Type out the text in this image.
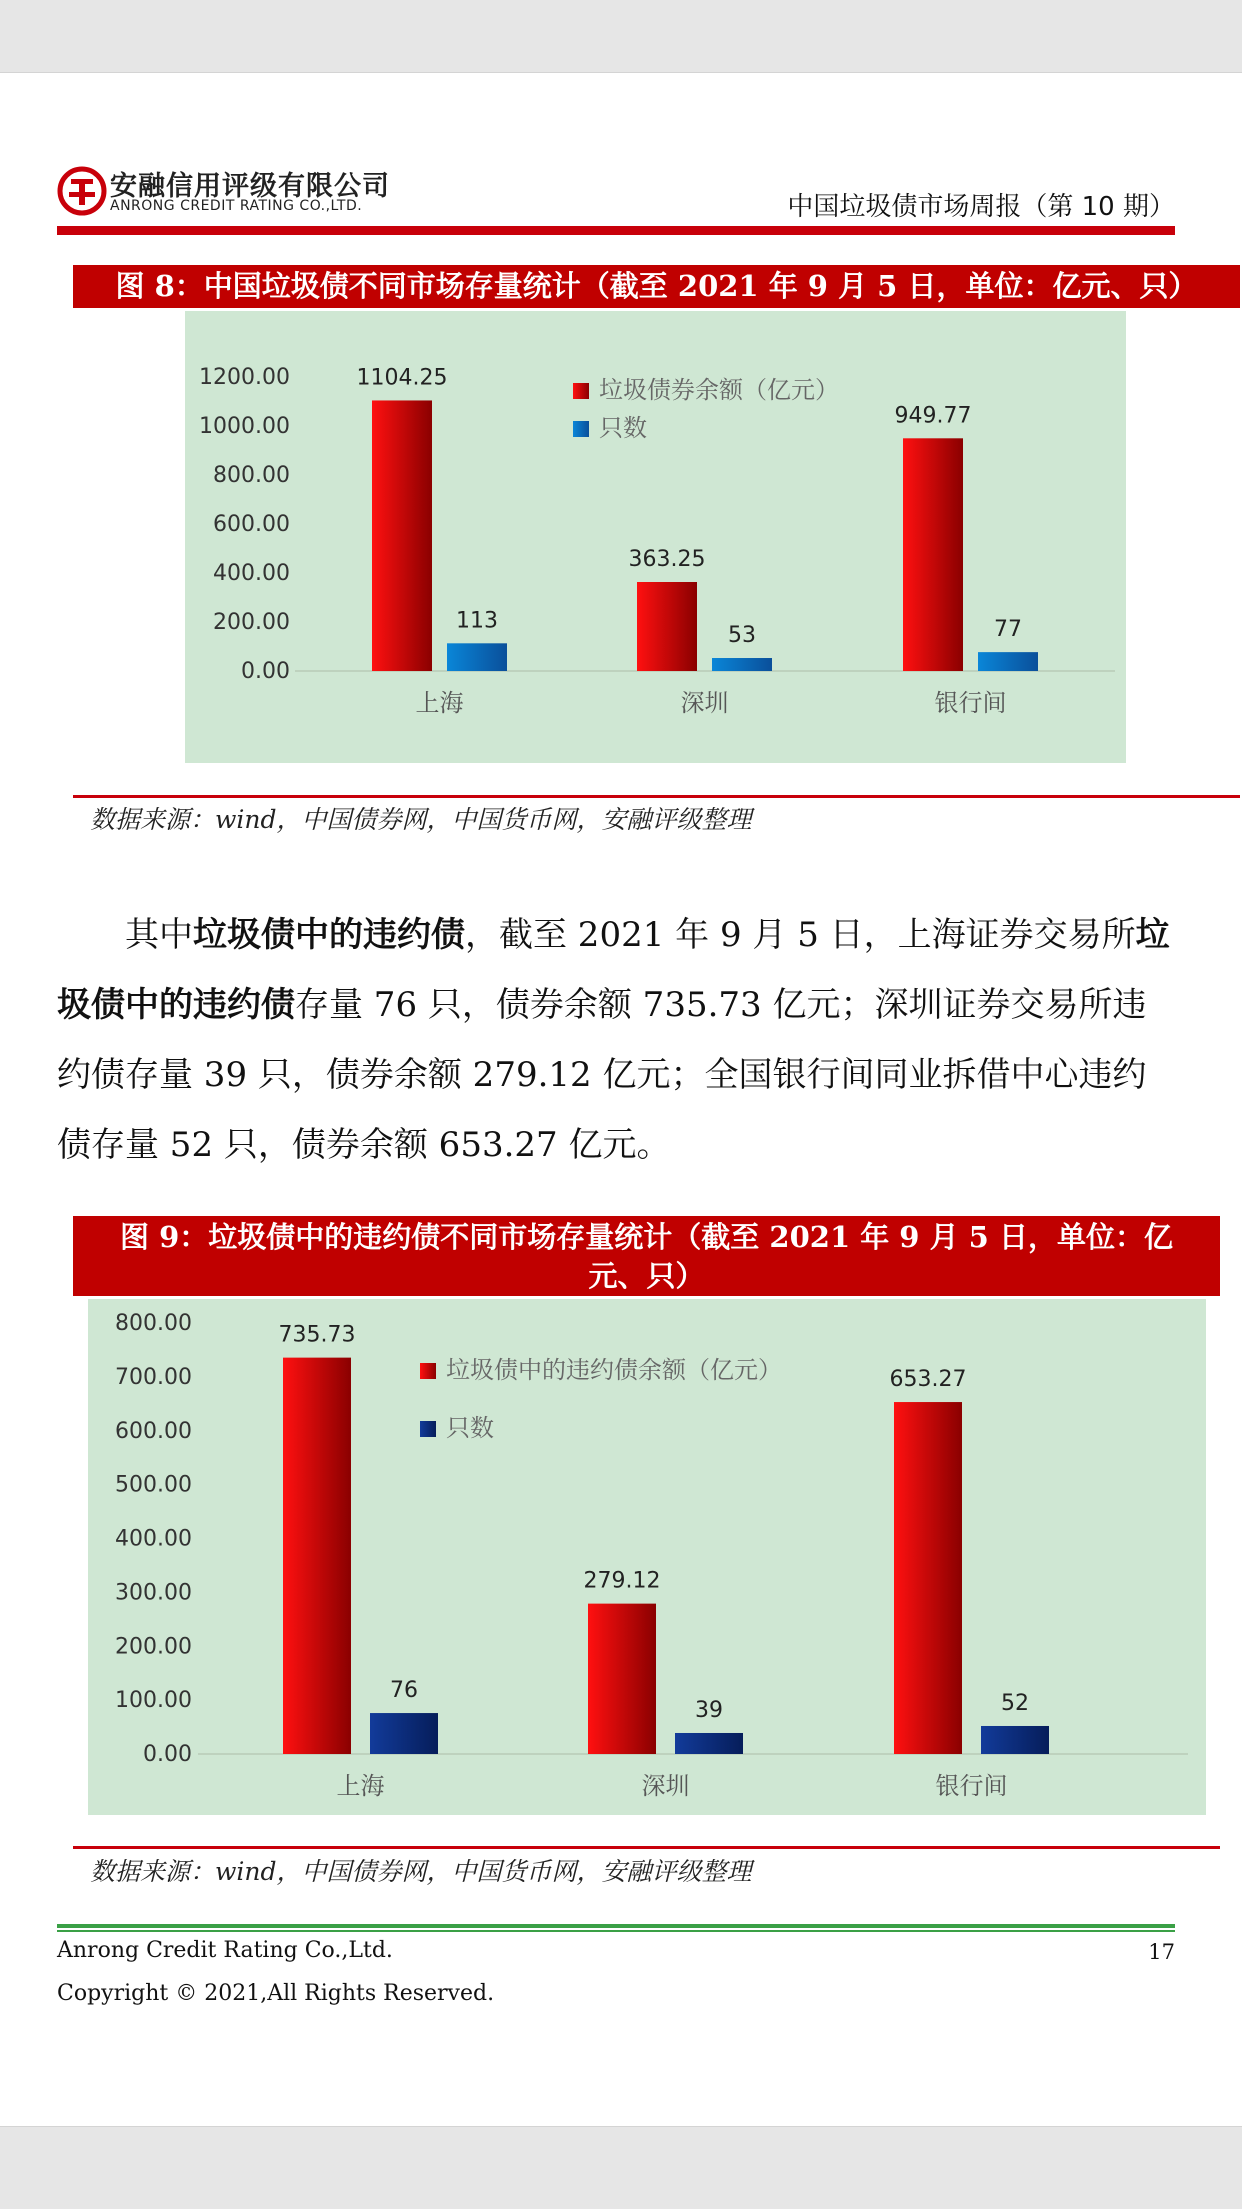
安融信用评级有限公司
ANRONG CREDIT RATING CO.,LTD.	中国垃圾债市场周报（第 10 期）
图 8：中国垃圾债不同市场存量统计（截至 2021 年 9 月 5 日，单位：亿元、只）
0.00
200.00
400.00
600.00
800.00
1000.00
1200.00	1104.25
113
上海
363.25
53
深圳
949.77
77
银行间
垃圾债券余额（亿元）
只数
数据来源：wind，中国债券网，中国货币网，安融评级整理
其中垃圾债中的违约债，截至 2021 年 9 月 5 日，上海证券交易所垃圾债中的违约债存量 76 只，债券余额 735.73 亿元；深圳证券交易所违约债存量 39 只，债券余额 279.12 亿元；全国银行间同业拆借中心违约债存量 52 只，债券余额 653.27 亿元。
图 9：垃圾债中的违约债不同市场存量统计（截至 2021 年 9 月 5 日，单位：亿
元、只）
0.00
100.00
200.00
300.00
400.00
500.00
600.00
700.00
800.00	735.73
76
上海
279.12
39
深圳
653.27
52
银行间
垃圾债中的违约债余额（亿元）
只数
数据来源：wind，中国债券网，中国货币网，安融评级整理
Anrong Credit Rating Co.,Ltd.
Copyright © 2021,All Rights Reserved.
17
